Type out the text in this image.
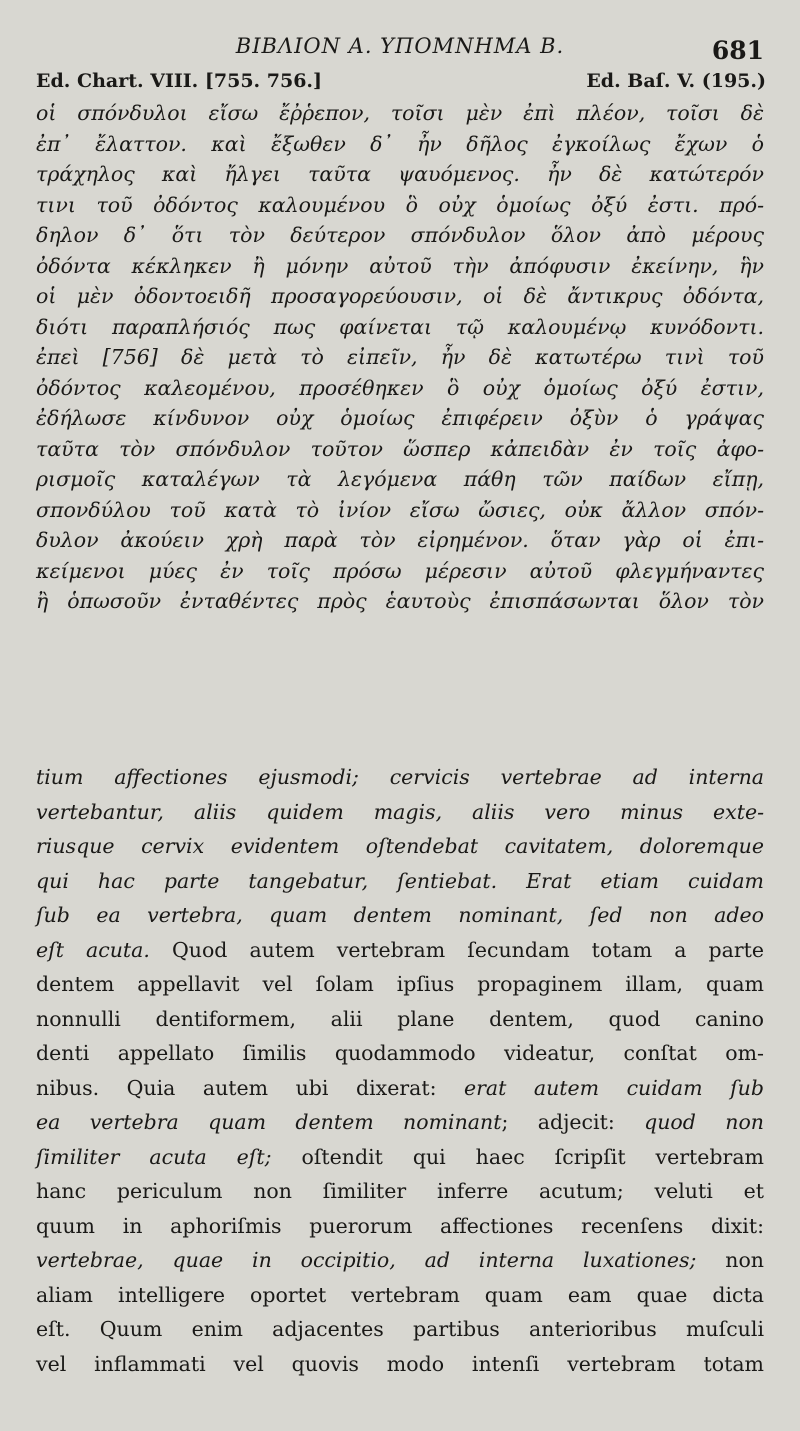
ΒΙΒΛΙΟΝ Α. ΥΠΟΜΝΗΜΑ Β.	681
Ed. Chart. VIII. [755. 756.]	Ed. Baſ. V. (195.)
οἱ σπόνδυλοι εἴσω ἔῤῥεπον, τοῖσι μὲν ἐπὶ πλέον, τοῖσι δὲ
ἐπ᾽ ἔλαττον. καὶ ἔξωθεν δ᾽ ἦν δῆλος ἐγκοίλως ἔχων ὁ
τράχηλος καὶ ἤλγει ταῦτα ψαυόμενος. ἦν δὲ κατώτερόν
τινι τοῦ ὀδόντος καλουμένου ὃ οὐχ ὁμοίως ὀξύ ἐστι. πρό-
δηλον δ᾽ ὅτι τὸν δεύτερον σπόνδυλον ὅλον ἀπὸ μέρους
ὀδόντα κέκληκεν ἢ μόνην αὐτοῦ τὴν ἀπόφυσιν ἐκείνην, ἣν
οἱ μὲν ὀδοντοειδῆ προσαγορεύουσιν, οἱ δὲ ἄντικρυς ὀδόντα,
διότι παραπλήσιός πως φαίνεται τῷ καλουμένῳ κυνόδοντι.
ἐπεὶ [756] δὲ μετὰ τὸ εἰπεῖν, ἦν δὲ κατωτέρω τινὶ τοῦ
ὀδόντος καλεομένου, προσέθηκεν ὃ οὐχ ὁμοίως ὀξύ ἐστιν,
ἐδήλωσε κίνδυνον οὐχ ὁμοίως ἐπιφέρειν ὀξὺν ὁ γράψας
ταῦτα τὸν σπόνδυλον τοῦτον ὥσπερ κἀπειδὰν ἐν τοῖς ἀφο-
ρισμοῖς καταλέγων τὰ λεγόμενα πάθη τῶν παίδων εἴπῃ,
σπονδύλου τοῦ κατὰ τὸ ἰνίον εἴσω ὤσιες, οὐκ ἄλλον σπόν-
δυλον ἀκούειν χρὴ παρὰ τὸν εἰρημένον. ὅταν γὰρ οἱ ἐπι-
κείμενοι μύες ἐν τοῖς πρόσω μέρεσιν αὐτοῦ φλεγμήναντες
ἢ ὁπωσοῦν ἐνταθέντες πρὸς ἑαυτοὺς ἐπισπάσωνται ὅλον τὸν
tium affectiones ejusmodi; cervicis vertebrae ad interna
vertebantur, aliis quidem magis, aliis vero minus exte-
riusque cervix evidentem oſtendebat cavitatem, doloremque
qui hac parte tangebatur, ſentiebat. Erat etiam cuidam
ſub ea vertebra, quam dentem nominant, ſed non adeo
eſt acuta. Quod autem vertebram ſecundam totam a parte
dentem appellavit vel ſolam ipſius propaginem illam, quam
nonnulli dentiformem, alii plane dentem, quod canino
denti appellato ſimilis quodammodo videatur, conſtat om-
nibus. Quia autem ubi dixerat: erat autem cuidam ſub
ea vertebra quam dentem nominant; adjecit: quod non
ſimiliter acuta eſt; oſtendit qui haec ſcripſit vertebram
hanc periculum non ſimiliter inferre acutum; veluti et
quum in aphoriſmis puerorum affectiones recenſens dixit:
vertebrae, quae in occipitio, ad interna luxationes; non
aliam intelligere oportet vertebram quam eam quae dicta
eſt. Quum enim adjacentes partibus anterioribus muſculi
vel inflammati vel quovis modo intenſi vertebram totam
